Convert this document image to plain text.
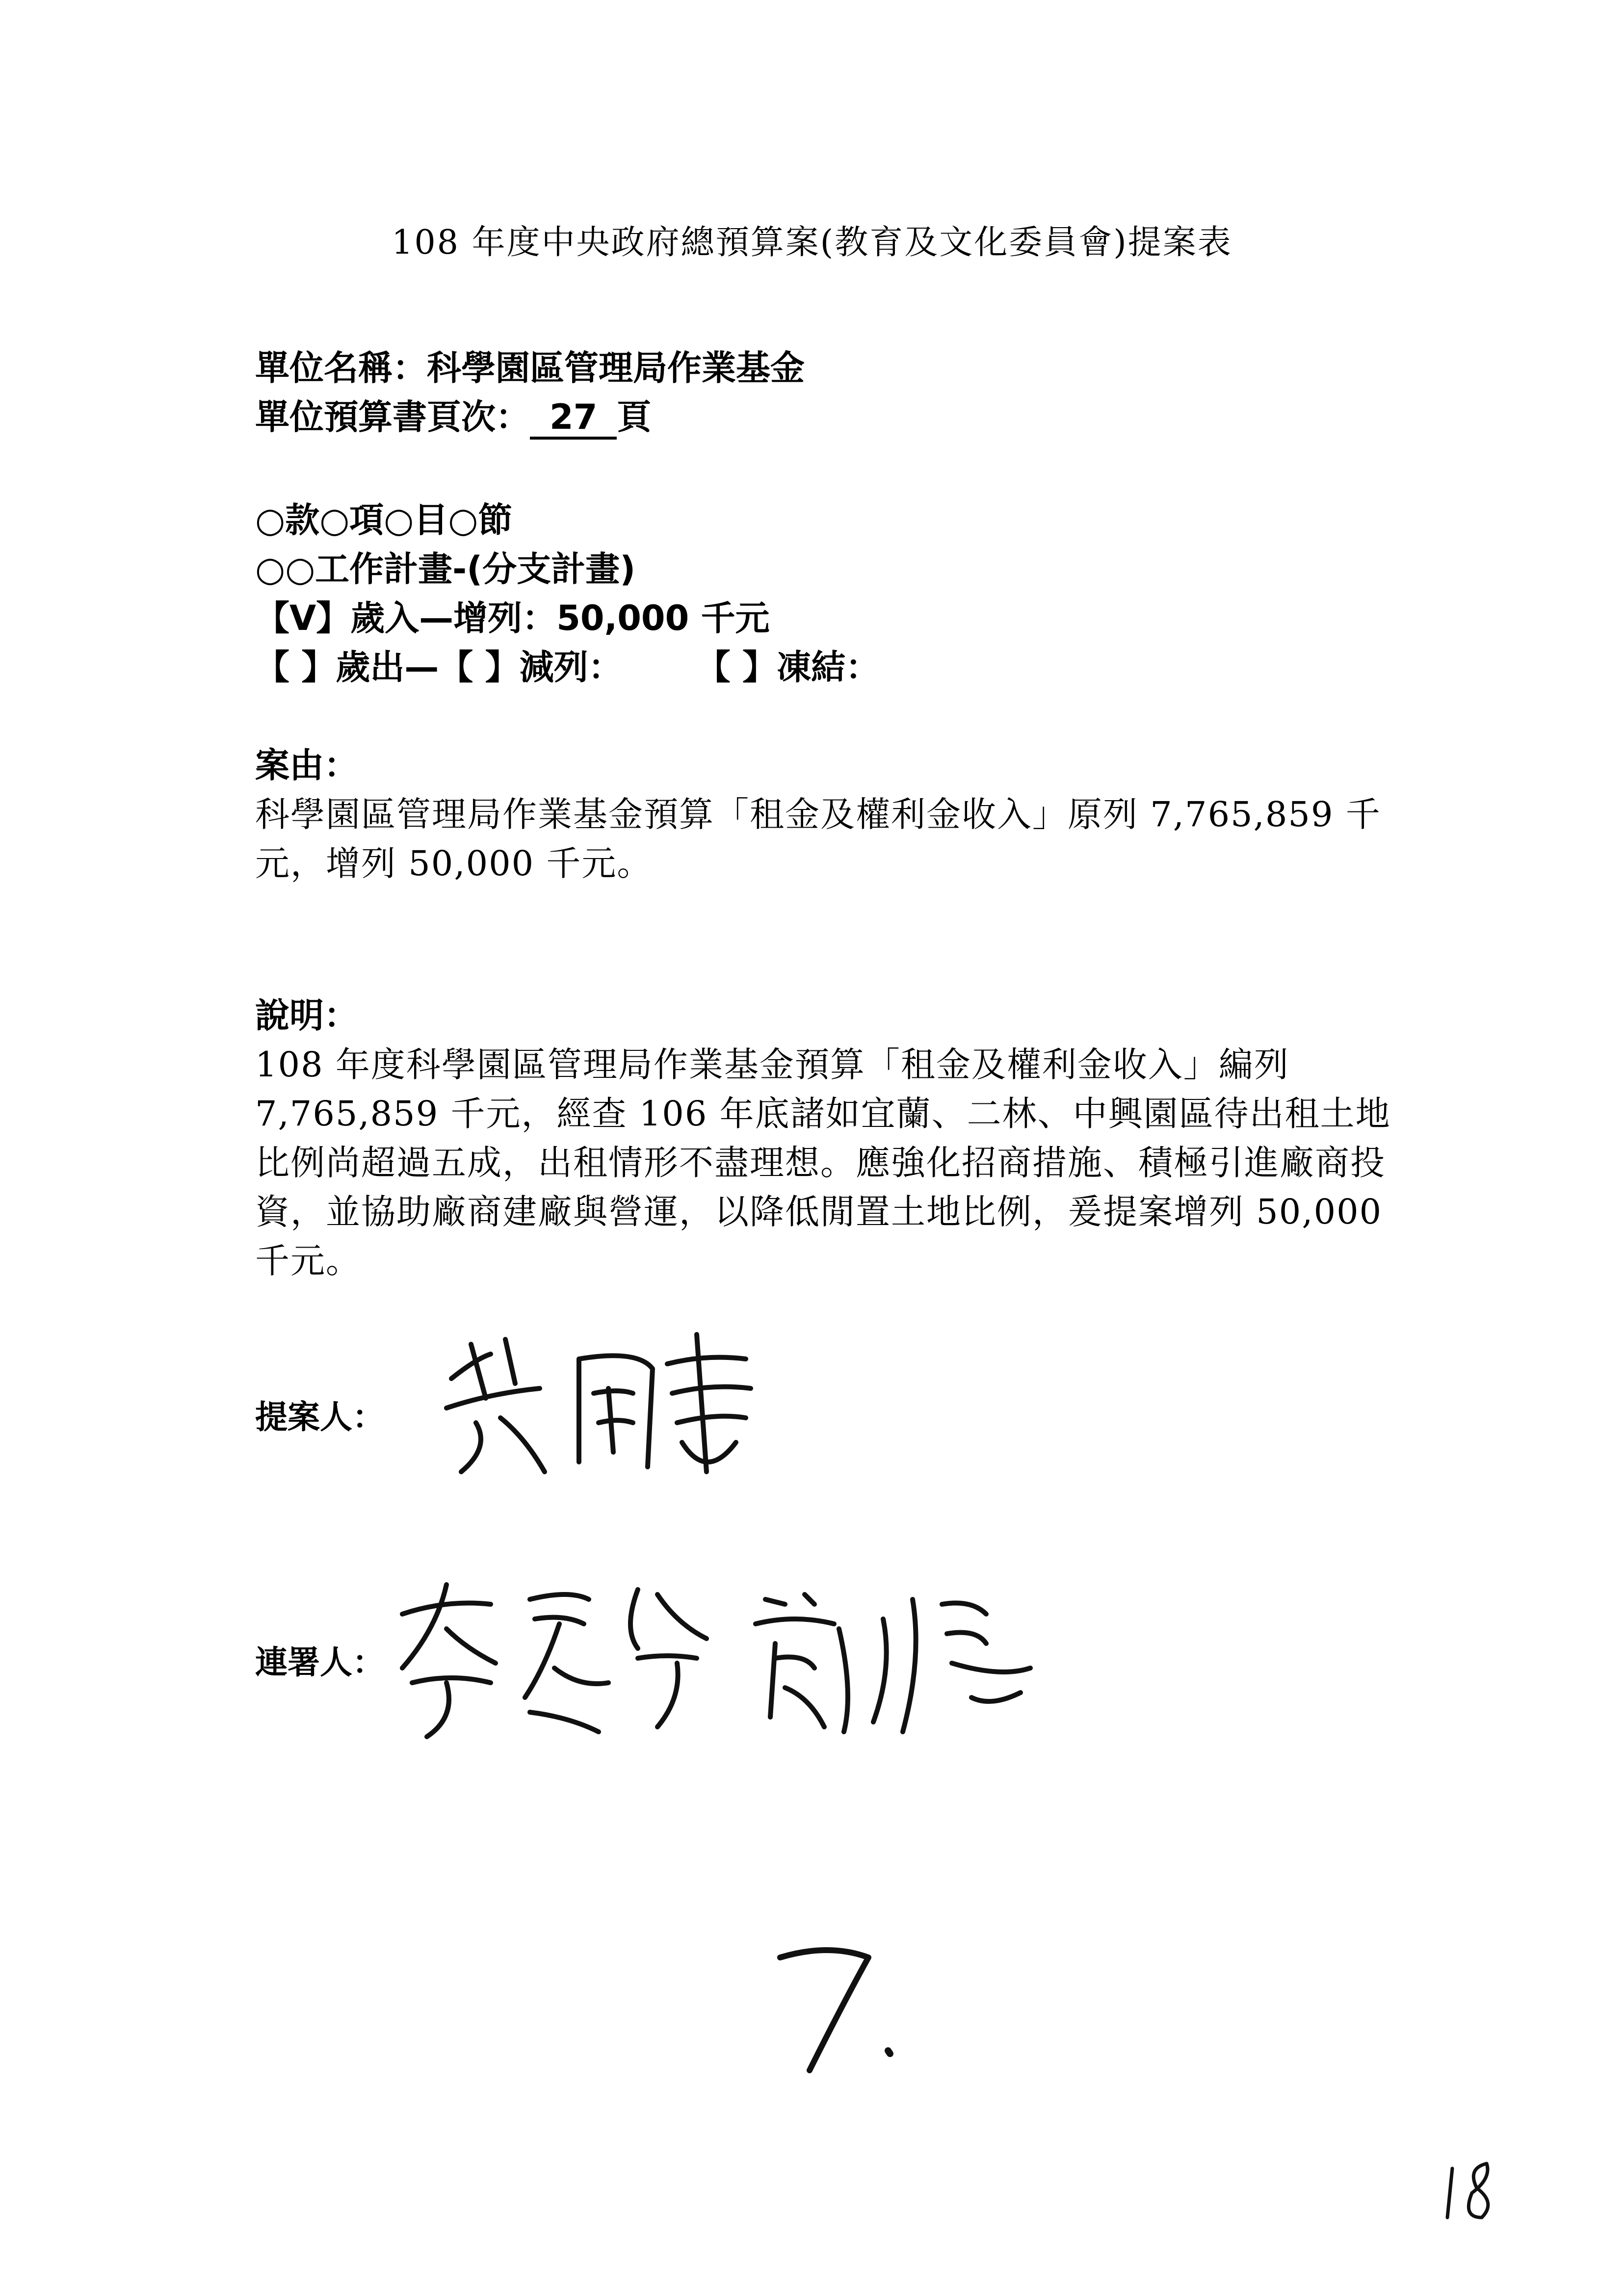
108 年度中央政府總預算案(教育及文化委員會)提案表
單位名稱：科學園區管理局作業基金
單位預算書頁次： 27 頁
○款○項○目○節
○○工作計畫-(分支計畫)
【V】歲入—增列：50,000 千元
【 】歲出—【 】減列： 【 】凍結：
案由：
科學園區管理局作業基金預算「租金及權利金收入」原列 7,765,859 千元，增列 50,000 千元。
說明：
108 年度科學園區管理局作業基金預算「租金及權利金收入」編列 7,765,859 千元，經查 106 年底諸如宜蘭、二林、中興園區待出租土地比例尚超過五成，出租情形不盡理想。應強化招商措施、積極引進廠商投資，並協助廠商建廠與營運，以降低閒置土地比例，爰提案增列 50,000 千元。
提案人：
連署人：
